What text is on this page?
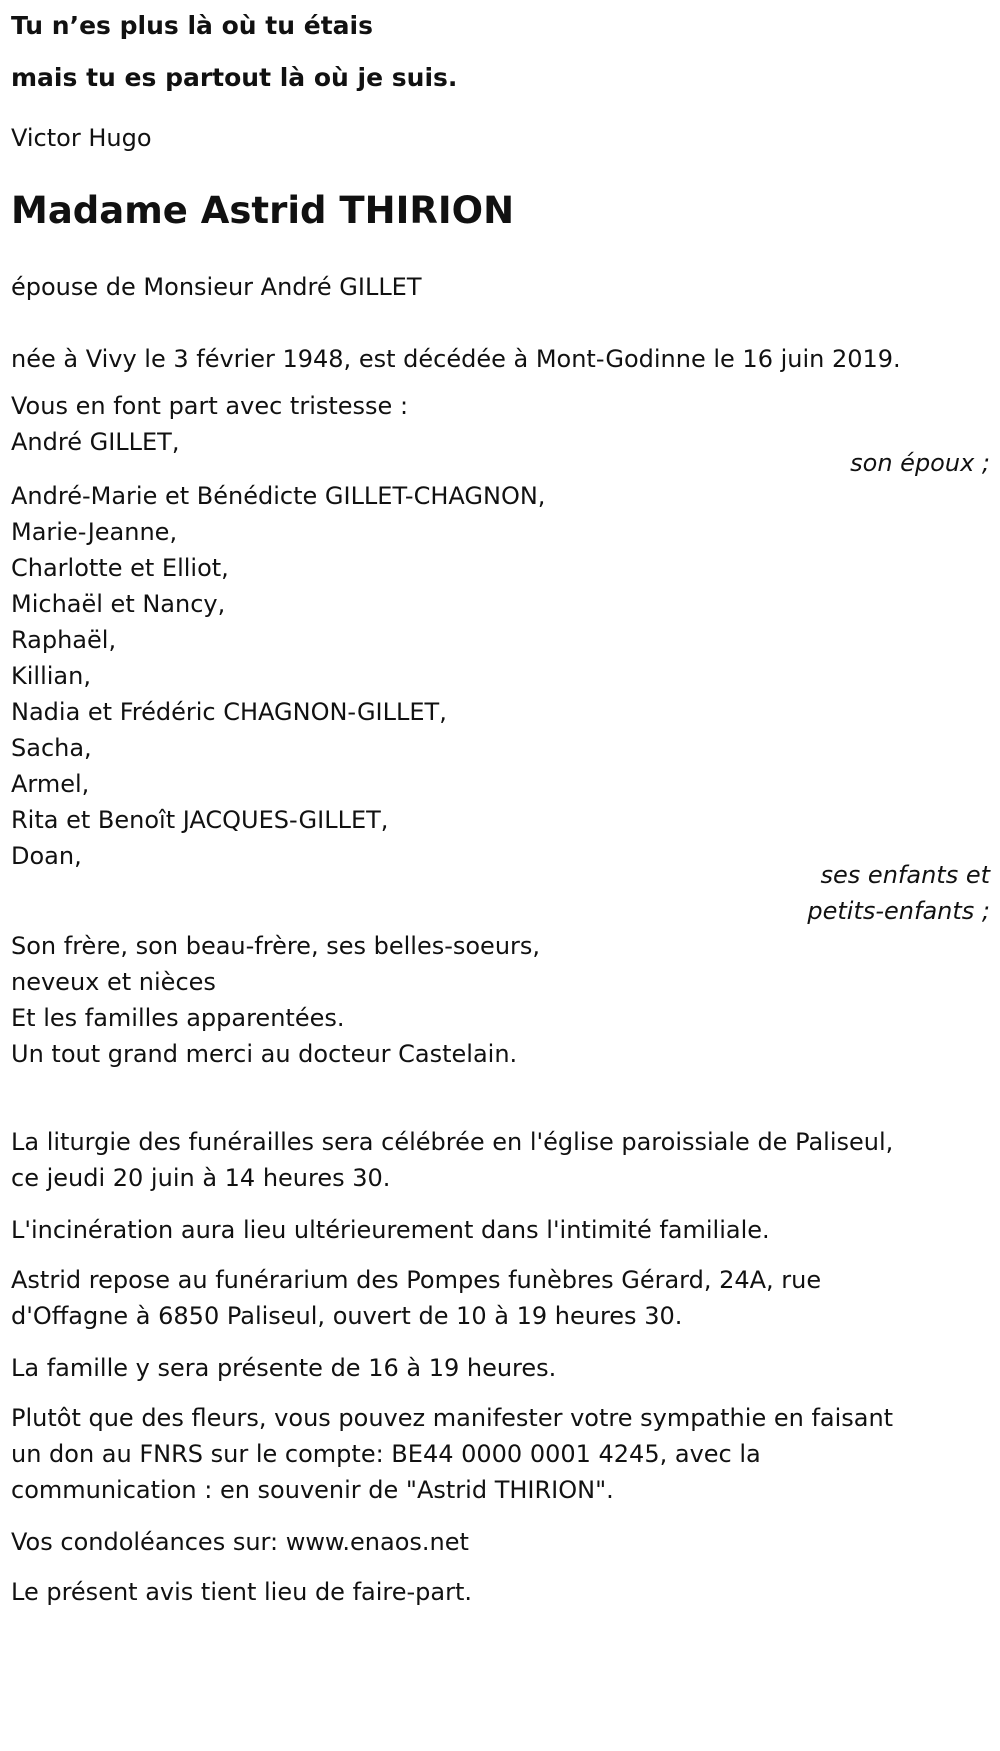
Tu n’es plus là où tu étais
mais tu es partout là où je suis.
Victor Hugo
Madame Astrid THIRION
épouse de Monsieur André GILLET
née à Vivy le 3 février 1948, est décédée à Mont-Godinne le 16 juin 2019.
Vous en font part avec tristesse :
André GILLET,
son époux ;
André-Marie et Bénédicte GILLET-CHAGNON,
Marie-Jeanne,
Charlotte et Elliot,
Michaël et Nancy,
Raphaël,
Killian,
Nadia et Frédéric CHAGNON-GILLET,
Sacha,
Armel,
Rita et Benoît JACQUES-GILLET,
Doan,
ses enfants et
petits-enfants ;
Son frère, son beau-frère, ses belles-soeurs,
neveux et nièces
Et les familles apparentées.
Un tout grand merci au docteur Castelain.
La liturgie des funérailles sera célébrée en l'église paroissiale de Paliseul,
ce jeudi 20 juin à 14 heures 30.
L'incinération aura lieu ultérieurement dans l'intimité familiale.
Astrid repose au funérarium des Pompes funèbres Gérard, 24A, rue
d'Offagne à 6850 Paliseul, ouvert de 10 à 19 heures 30.
La famille y sera présente de 16 à 19 heures.
Plutôt que des fleurs, vous pouvez manifester votre sympathie en faisant
un don au FNRS sur le compte: BE44 0000 0001 4245, avec la
communication : en souvenir de "Astrid THIRION".
Vos condoléances sur: www.enaos.net
Le présent avis tient lieu de faire-part.
